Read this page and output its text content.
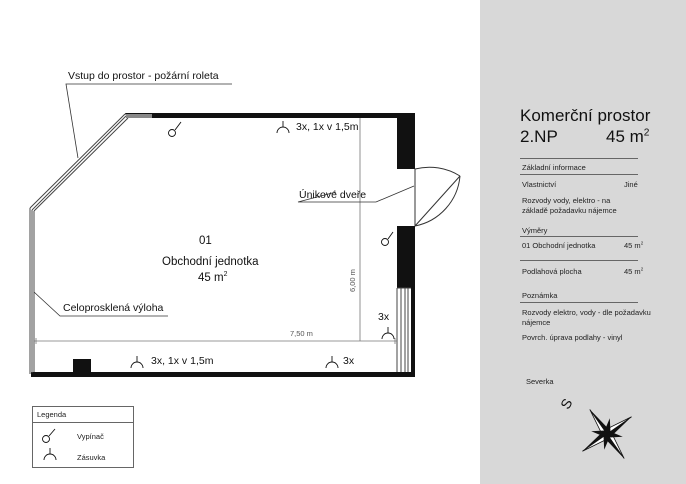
Komerční prostor
2.NP	45 $m^2$
Základní informace
Vlastnictví	Jiné
Rozvody vody, elektro - na
základě požadavku nájemce
Výměry
01 Obchodní jednotka	45 $m^2$
Podlahová plocha	45 $m^2$
Poznámka
Rozvody elektro, vody - dle požadavku
nájemce
Povrch. úprava podlahy - vinyl
Severka
S
7,50 m
6,00 m
Vstup do prostor - požární roleta
Únikové dveře
Celoprosklená výloha
01
Obchodní jednotka
45 $m^2$
3x, 1x v 1,5m
3x, 1x v 1,5m	3x
3x
Legenda
Vypínač
Zásuvka
